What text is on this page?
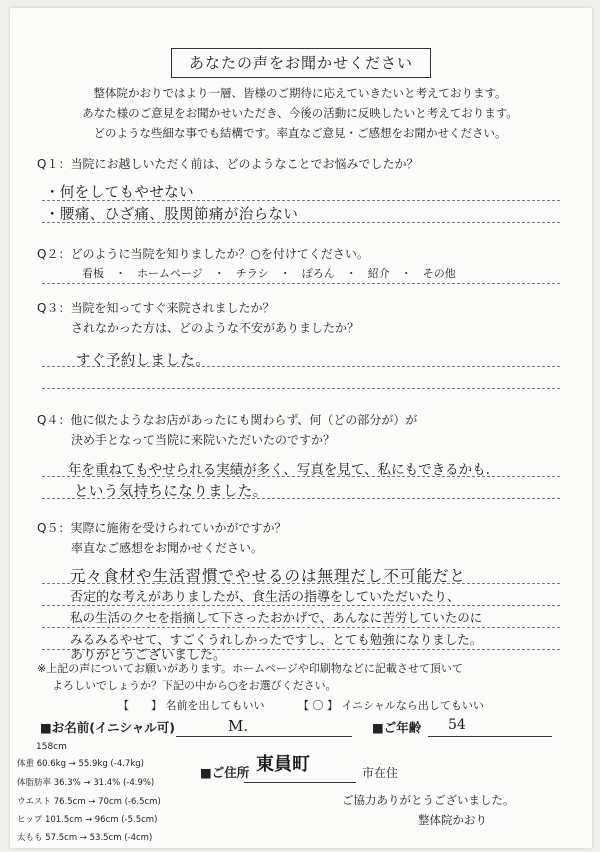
あなたの声をお聞かせください
整体院かおりではより一層、皆様のご期待に応えていきたいと考えております。
あなた様のご意見をお聞かせいただき、今後の活動に反映したいと考えております。
どのような些細な事でも結構です。率直なご意見・ご感想をお聞かせください。
Q１：当院にお越しいただく前は、どのようなことでお悩みでしたか？
・何をしてもやせない
・腰痛、ひざ痛、股関節痛が治らない
Q２：どのように当院を知りましたか？○を付けてください。
看板　・　ホームページ　・　チラシ　・　ぽろん　・　紹介　・　その他
Q３：当院を知ってすぐ来院されましたか？
されなかった方は、どのような不安がありましたか？
すぐ予約しました。
Q４：他に似たようなお店があったにも関わらず、何（どの部分が）が
決め手となって当院に来院いただいたのですか？
年を重ねてもやせられる実績が多く、写真を見て、私にもできるかも.
という気持ちになりました。
Q５：実際に施術を受けられていかがですか？
率直なご感想をお聞かせください。
元々食材や生活習慣でやせるのは無理だし不可能だと
否定的な考えがありましたが、食生活の指導をしていただいたり、
私の生活のクセを指摘して下さったおかげで、あんなに苦労していたのに
みるみるやせて、すごくうれしかったですし、とても勉強になりました。
ありがとうございました。
※上記の声についてお願いがあります。ホームページや印刷物などに記載させて頂いて
よろしいでしょうか？下記の中から○をお選びください。
【　　】 名前を出してもいい	【 〇 】 イニシャルなら出してもいい
■お名前(イニシャル可)	M.	■ご年齢 54
158cm
体重 60.6kg → 55.9kg (-4.7kg)
体脂肪率 36.3% → 31.4% (-4.9%)
ウエスト 76.5cm → 70cm (-6.5cm)
ヒップ 101.5cm → 96cm (-5.5cm)
太もも 57.5cm → 53.5cm (-4cm)
■ご住所 東員町	市在住
ご協力ありがとうございました。
整体院かおり
